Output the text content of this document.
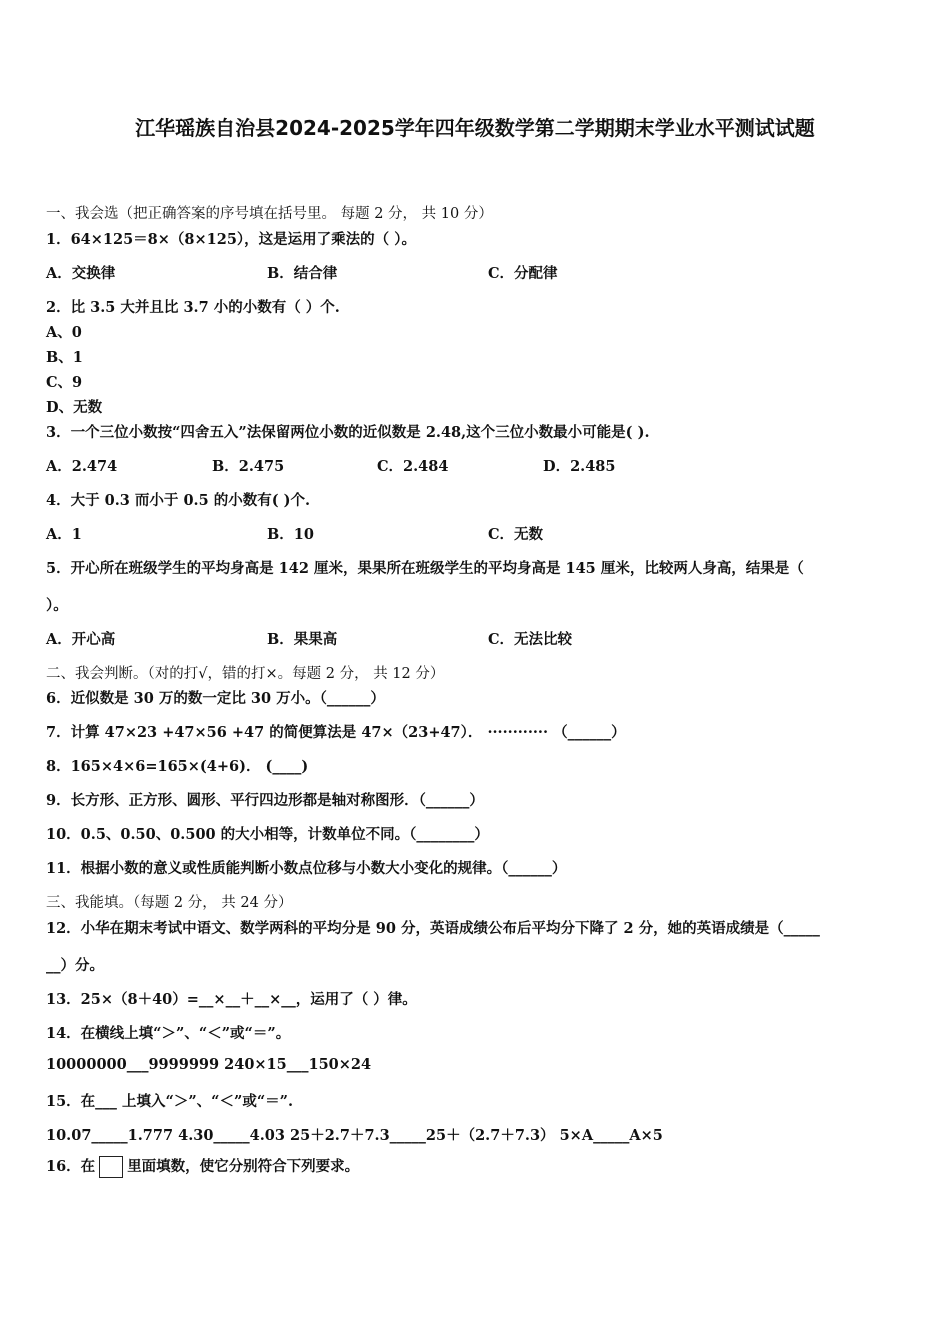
江华瑶族自治县2024-2025学年四年级数学第二学期期末学业水平测试试题
一、我会选（把正确答案的序号填在括号里。 每题 2 分， 共 10 分）
1．64×125＝8×（8×125），这是运用了乘法的（ ）。
A．交换律	B．结合律	C．分配律
2．比 3.5 大并且比 3.7 小的小数有（ ）个.
A、0
B、1
C、9
D、无数
3．一个三位小数按“四舍五入”法保留两位小数的近似数是 2.48,这个三位小数最小可能是( ).
A．2.474	B．2.475	C．2.484	D．2.485
4．大于 0.3 而小于 0.5 的小数有( )个.
A．1	B．10	C．无数
5．开心所在班级学生的平均身高是 142 厘米，果果所在班级学生的平均身高是 145 厘米，比较两人身高，结果是（
）。
A．开心高	B．果果高	C．无法比较
二、我会判断。（对的打√，错的打×。每题 2 分， 共 12 分）
6．近似数是 30 万的数一定比 30 万小。（______）
7．计算 47×23 +47×56 +47 的简便算法是 47×（23+47）． ············ （______）
8．165×4×6=165×(4+6)． (____)
9．长方形、正方形、圆形、平行四边形都是轴对称图形．（______）
10．0.5、0.50、0.500 的大小相等，计数单位不同。（________）
11．根据小数的意义或性质能判断小数点位移与小数大小变化的规律。（______）
三、我能填。（每题 2 分， 共 24 分）
12．小华在期末考试中语文、数学两科的平均分是 90 分，英语成绩公布后平均分下降了 2 分，她的英语成绩是（_____
__）分。
13．25×（8＋40）=__×__＋__×__，运用了（ ）律。
14．在横线上填“＞”、“＜”或“＝”。
10000000___9999999 240×15___150×24
15．在___ 上填入“＞”、“＜”或“＝”.
10.07_____1.777 4.30_____4.03 25＋2.7＋7.3_____25＋（2.7＋7.3） 5×A_____A×5
16．在 里面填数，使它分别符合下列要求。
